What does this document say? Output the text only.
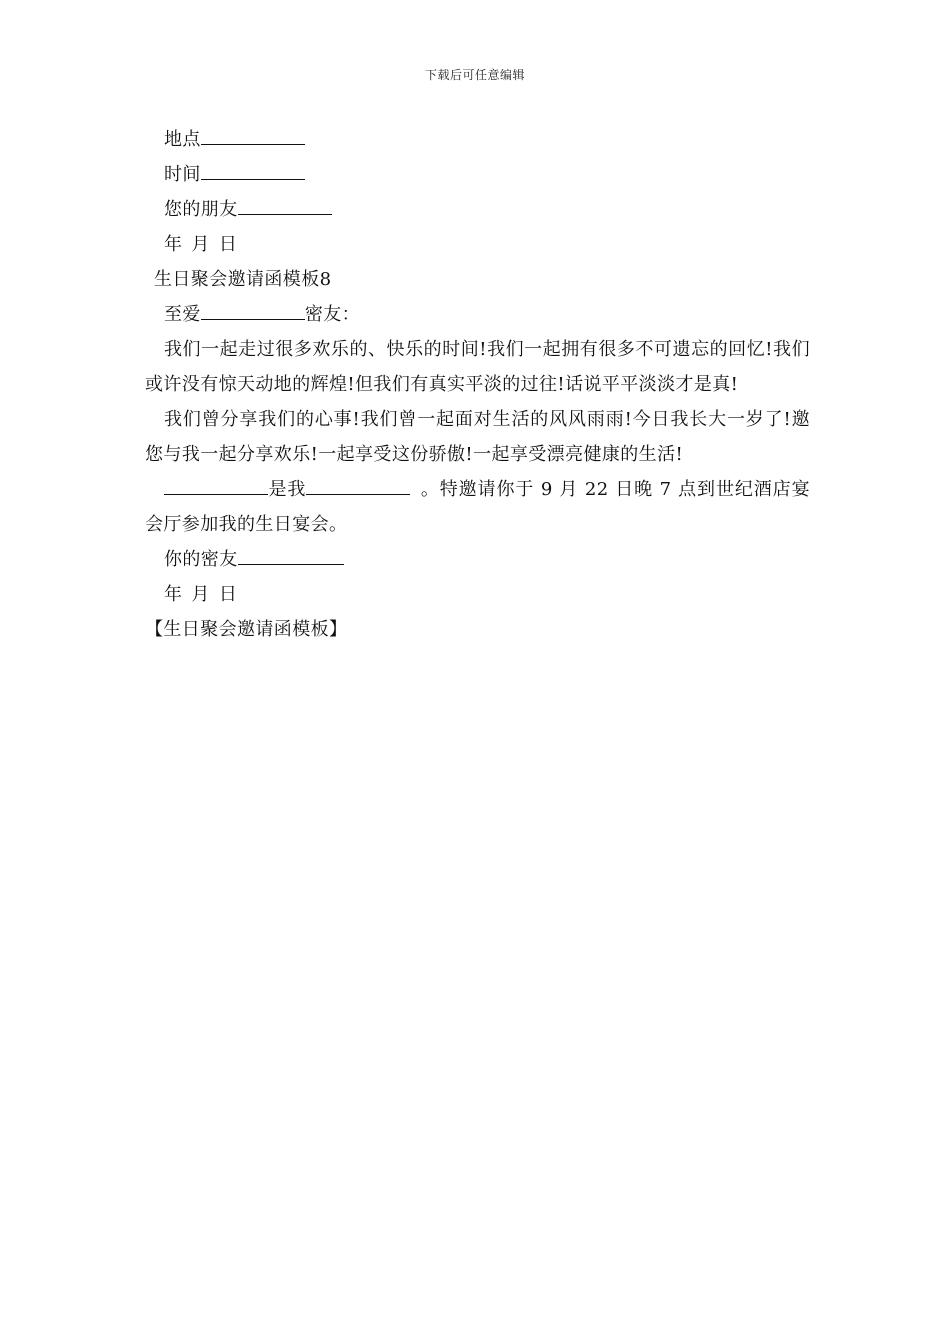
下载后可任意编辑
地点
时间
您的朋友
年 月 日
生日聚会邀请函模板8
至爱	密友：
我们一起走过很多欢乐的、快乐的时间!我们一起拥有很多不可遗忘的回忆!我们或许没有惊天动地的辉煌!但我们有真实平淡的过往!话说平平淡淡才是真!
我们曾分享我们的心事!我们曾一起面对生活的风风雨雨!今日我长大一岁了!邀您与我一起分享欢乐!一起享受这份骄傲!一起享受漂亮健康的生活!
是我	。特邀请你于 9 月 22 日晚 7 点到世纪酒店宴会厅参加我的生日宴会。
你的密友
年 月 日
【生日聚会邀请函模板】
